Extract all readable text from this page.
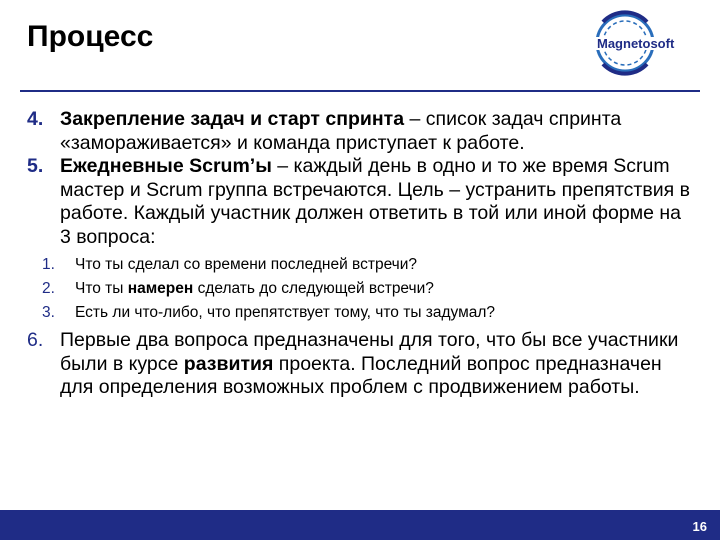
Процесс	Magnetosoft

4. Закрепление задач и старт спринта – список задач спринта «замораживается» и команда приступает к работе.

5. Ежедневные Scrum’ы – каждый день в одно и то же время Scrum мастер и Scrum группа встречаются. Цель – устранить препятствия в работе. Каждый участник должен ответить в той или иной форме на 3 вопроса:

1. Что ты сделал со времени последней встречи?
2. Что ты намерен сделать до следующей встречи?
3. Есть ли что-либо, что препятствует тому, что ты задумал?

6. Первые два вопроса предназначены для того, что бы все участники были в курсе развития проекта. Последний вопрос предназначен для определения возможных проблем с продвижением работы.

16
